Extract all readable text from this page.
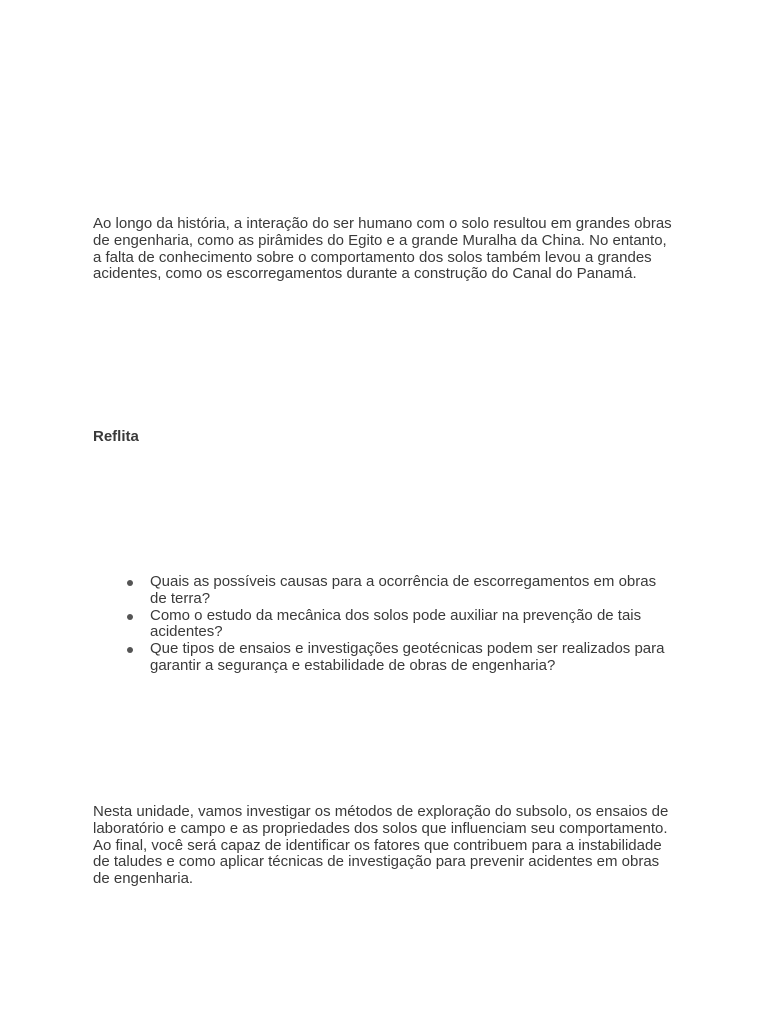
Ao longo da história, a interação do ser humano com o solo resultou em grandes obras de engenharia, como as pirâmides do Egito e a grande Muralha da China. No entanto, a falta de conhecimento sobre o comportamento dos solos também levou a grandes acidentes, como os escorregamentos durante a construção do Canal do Panamá.

Reflita

Quais as possíveis causas para a ocorrência de escorregamentos em obras de terra?
Como o estudo da mecânica dos solos pode auxiliar na prevenção de tais acidentes?
Que tipos de ensaios e investigações geotécnicas podem ser realizados para garantir a segurança e estabilidade de obras de engenharia?

Nesta unidade, vamos investigar os métodos de exploração do subsolo, os ensaios de laboratório e campo e as propriedades dos solos que influenciam seu comportamento. Ao final, você será capaz de identificar os fatores que contribuem para a instabilidade de taludes e como aplicar técnicas de investigação para prevenir acidentes em obras de engenharia.
